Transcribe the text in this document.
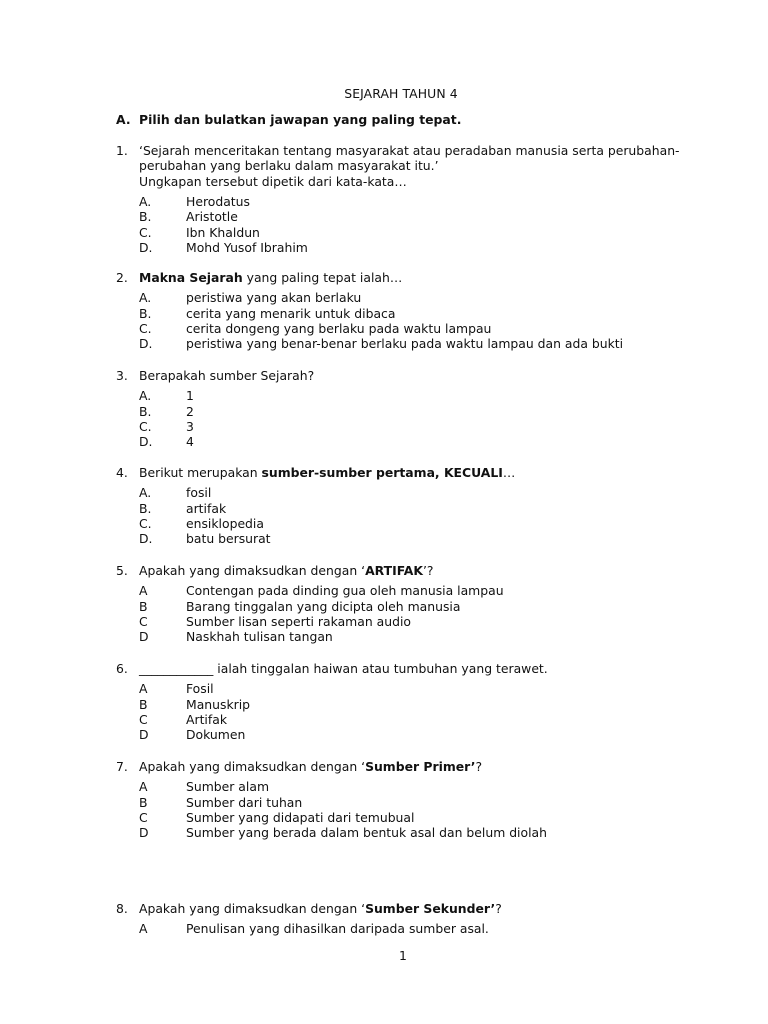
SEJARAH TAHUN 4
A. Pilih dan bulatkan jawapan yang paling tepat.
1. ‘Sejarah menceritakan tentang masyarakat atau peradaban manusia serta perubahan-
perubahan yang berlaku dalam masyarakat itu.’
Ungkapan tersebut dipetik dari kata-kata…
A.	Herodatus
B.	Aristotle
C.	Ibn Khaldun
D.	Mohd Yusof Ibrahim
2. Makna Sejarah yang paling tepat ialah…
A.	peristiwa yang akan berlaku
B.	cerita yang menarik untuk dibaca
C.	cerita dongeng yang berlaku pada waktu lampau
D.	peristiwa yang benar-benar berlaku pada waktu lampau dan ada bukti
3. Berapakah sumber Sejarah?
A.	1
B.	2
C.	3
D.	4
4. Berikut merupakan sumber-sumber pertama, KECUALI…
A.	fosil
B.	artifak
C.	ensiklopedia
D.	batu bersurat
5. Apakah yang dimaksudkan dengan ‘ARTIFAK’?
A	Contengan pada dinding gua oleh manusia lampau
B	Barang tinggalan yang dicipta oleh manusia
C	Sumber lisan seperti rakaman audio
D	Naskhah tulisan tangan
6. ____________ ialah tinggalan haiwan atau tumbuhan yang terawet.
A	Fosil
B	Manuskrip
C	Artifak
D	Dokumen
7. Apakah yang dimaksudkan dengan ‘Sumber Primer’?
A	Sumber alam
B	Sumber dari tuhan
C	Sumber yang didapati dari temubual
D	Sumber yang berada dalam bentuk asal dan belum diolah
8. Apakah yang dimaksudkan dengan ‘Sumber Sekunder’?
A	Penulisan yang dihasilkan daripada sumber asal.
1
